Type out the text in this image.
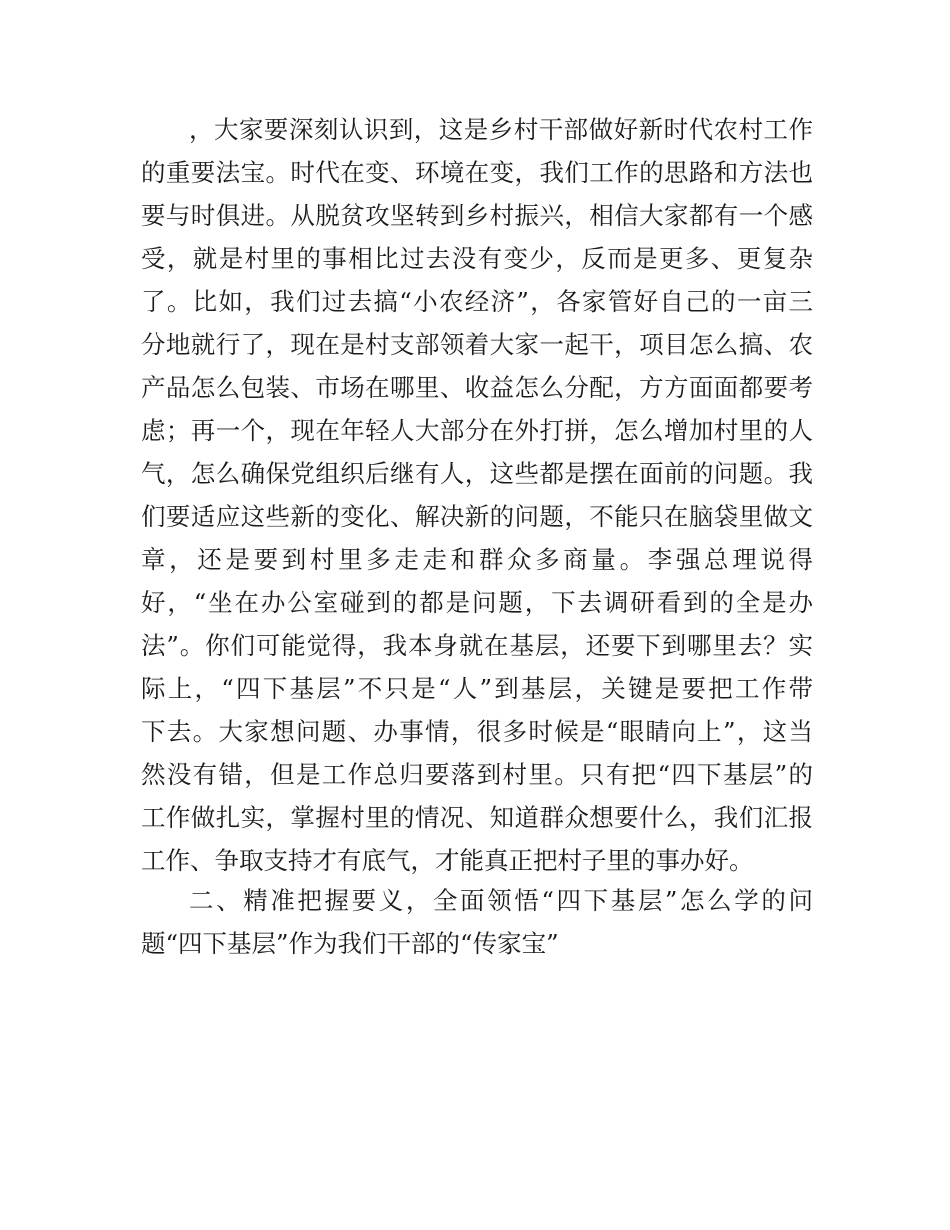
，大家要深刻认识到，这是乡村干部做好新时代农村工作
的重要法宝。时代在变、环境在变，我们工作的思路和方法也
要与时俱进。从脱贫攻坚转到乡村振兴，相信大家都有一个感
受，就是村里的事相比过去没有变少，反而是更多、更复杂
了。比如，我们过去搞“小农经济”，各家管好自己的一亩三
分地就行了，现在是村支部领着大家一起干，项目怎么搞、农
产品怎么包装、市场在哪里、收益怎么分配，方方面面都要考
虑；再一个，现在年轻人大部分在外打拼，怎么增加村里的人
气，怎么确保党组织后继有人，这些都是摆在面前的问题。我
们要适应这些新的变化、解决新的问题，不能只在脑袋里做文
章，还是要到村里多走走和群众多商量。李强总理说得
好，“坐在办公室碰到的都是问题，下去调研看到的全是办
法”。你们可能觉得，我本身就在基层，还要下到哪里去？实
际上，“四下基层”不只是“人”到基层，关键是要把工作带
下去。大家想问题、办事情，很多时候是“眼睛向上”，这当
然没有错，但是工作总归要落到村里。只有把“四下基层”的
工作做扎实，掌握村里的情况、知道群众想要什么，我们汇报
工作、争取支持才有底气，才能真正把村子里的事办好。
二、精准把握要义，全面领悟“四下基层”怎么学的问
题“四下基层”作为我们干部的“传家宝”
